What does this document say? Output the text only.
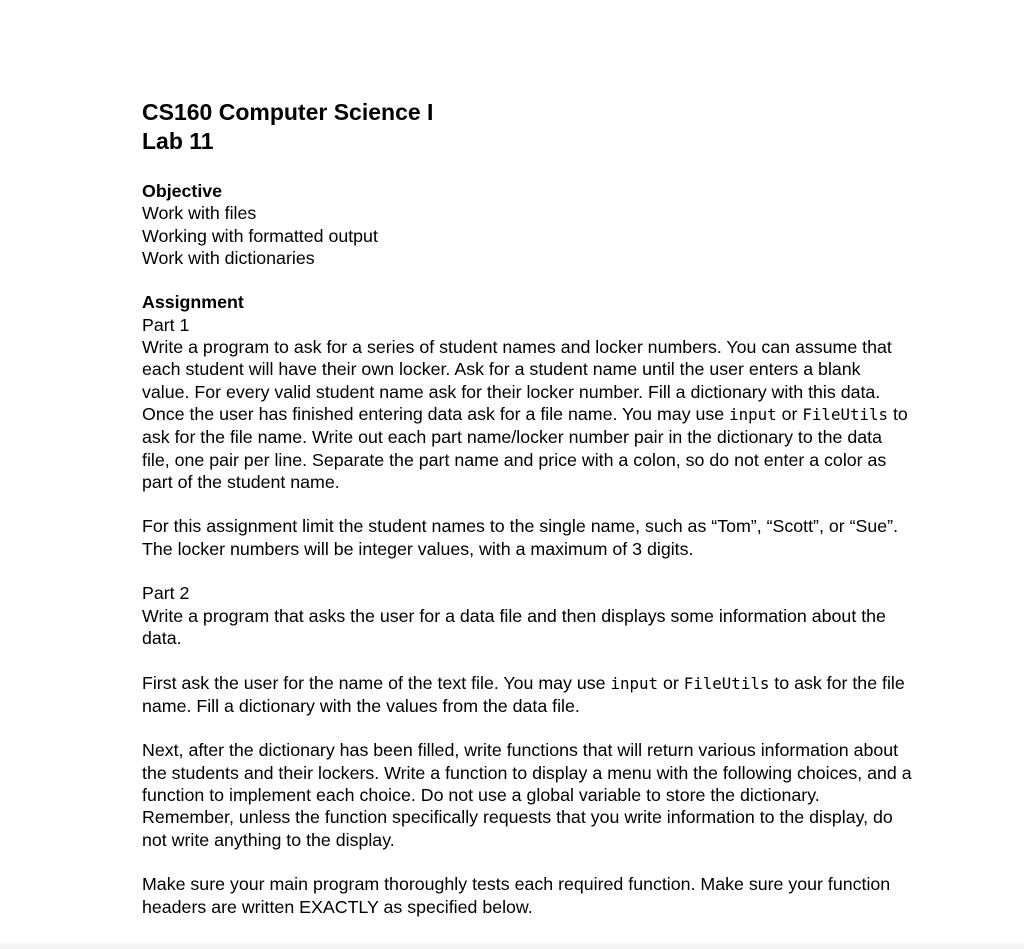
CS160 Computer Science I

Lab 11

Objective
Work with files
Working with formatted output
Work with dictionaries
Assignment
Part 1
Write a program to ask for a series of student names and locker numbers. You can assume that each student will have their own locker. Ask for a student name until the user enters a blank value. For every valid student name ask for their locker number. Fill a dictionary with this data. Once the user has finished entering data ask for a file name. You may use input or FileUtils to ask for the file name. Write out each part name/locker number pair in the dictionary to the data file, one pair per line. Separate the part name and price with a colon, so do not enter a color as part of the student name.
For this assignment limit the student names to the single name, such as “Tom”, “Scott”, or “Sue”. The locker numbers will be integer values, with a maximum of 3 digits.
Part 2
Write a program that asks the user for a data file and then displays some information about the data.
First ask the user for the name of the text file. You may use input or FileUtils to ask for the file name. Fill a dictionary with the values from the data file.
Next, after the dictionary has been filled, write functions that will return various information about the students and their lockers. Write a function to display a menu with the following choices, and a function to implement each choice. Do not use a global variable to store the dictionary. Remember, unless the function specifically requests that you write information to the display, do not write anything to the display.
Make sure your main program thoroughly tests each required function. Make sure your function headers are written EXACTLY as specified below.
